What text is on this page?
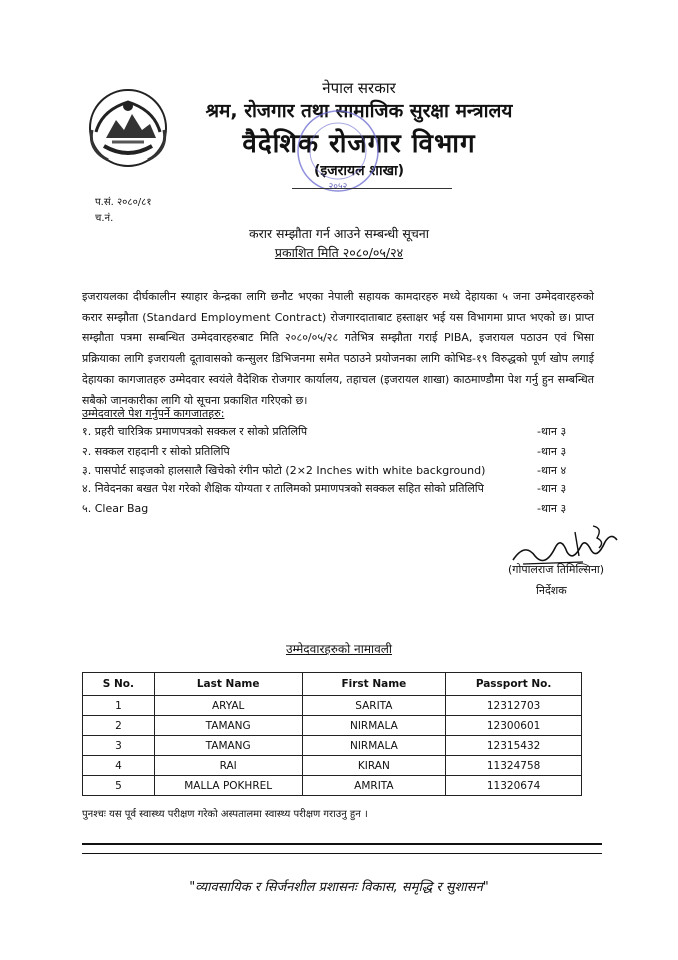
नेपाल सरकार
श्रम, रोजगार तथा सामाजिक सुरक्षा मन्त्रालय
वैदेशिक रोजगार विभाग
(इजरायल शाखा)
२०५२
प.सं. २०८०/८१
च.नं.
करार सम्झौता गर्न आउने सम्बन्धी सूचना
प्रकाशित मिति २०८०/०५/२४
इजरायलका दीर्घकालीन स्याहार केन्द्रका लागि छनौट भएका नेपाली सहायक कामदारहरु मध्ये देहायका ५ जना उम्मेदवारहरुको करार सम्झौता (Standard Employment Contract) रोजगारदाताबाट हस्ताक्षर भई यस विभागमा प्राप्त भएको छ। प्राप्त सम्झौता पत्रमा सम्बन्धित उम्मेदवारहरुबाट मिति २०८०/०५/२८ गतेभित्र सम्झौता गराई PIBA, इजरायल पठाउन एवं भिसा प्रक्रियाका लागि इजरायली दूतावासको कन्सुलर डिभिजनमा समेत पठाउने प्रयोजनका लागि कोभिड-१९ विरुद्धको पूर्ण खोप लगाई देहायका कागजातहरु उम्मेदवार स्वयंले वैदेशिक रोजगार कार्यालय, तहाचल (इजरायल शाखा) काठमाण्डौमा पेश गर्नु हुन सम्बन्धित सबैको जानकारीका लागि यो सूचना प्रकाशित गरिएको छ।
उम्मेदवारले पेश गर्नुपर्ने कागजातहरु:
१. प्रहरी चारित्रिक प्रमाणपत्रको सक्कल र सोको प्रतिलिपि	-थान ३
२. सक्कल राहदानी र सोको प्रतिलिपि	-थान ३
३. पासपोर्ट साइजको हालसालै खिचेको रंगीन फोटो (2×2 Inches with white background)	-थान ४
४. निवेदनका बखत पेश गरेको शैक्षिक योग्यता र तालिमको प्रमाणपत्रको सक्कल सहित सोको प्रतिलिपि	-थान ३
५. Clear Bag	-थान ३
(गोपालराज तिमिल्सिना)
निर्देशक
उम्मेदवारहरुको नामावली
S No.	Last Name	First Name	Passport No.
1	ARYAL	SARITA	12312703
2	TAMANG	NIRMALA	12300601
3	TAMANG	NIRMALA	12315432
4	RAI	KIRAN	11324758
5	MALLA POKHREL	AMRITA	11320674
पुनश्चः यस पूर्व स्वास्थ्य परीक्षण गरेको अस्पतालमा स्वास्थ्य परीक्षण गराउनु हुन ।
"व्यावसायिक र सिर्जनशील प्रशासनः विकास, समृद्धि र सुशासन"
